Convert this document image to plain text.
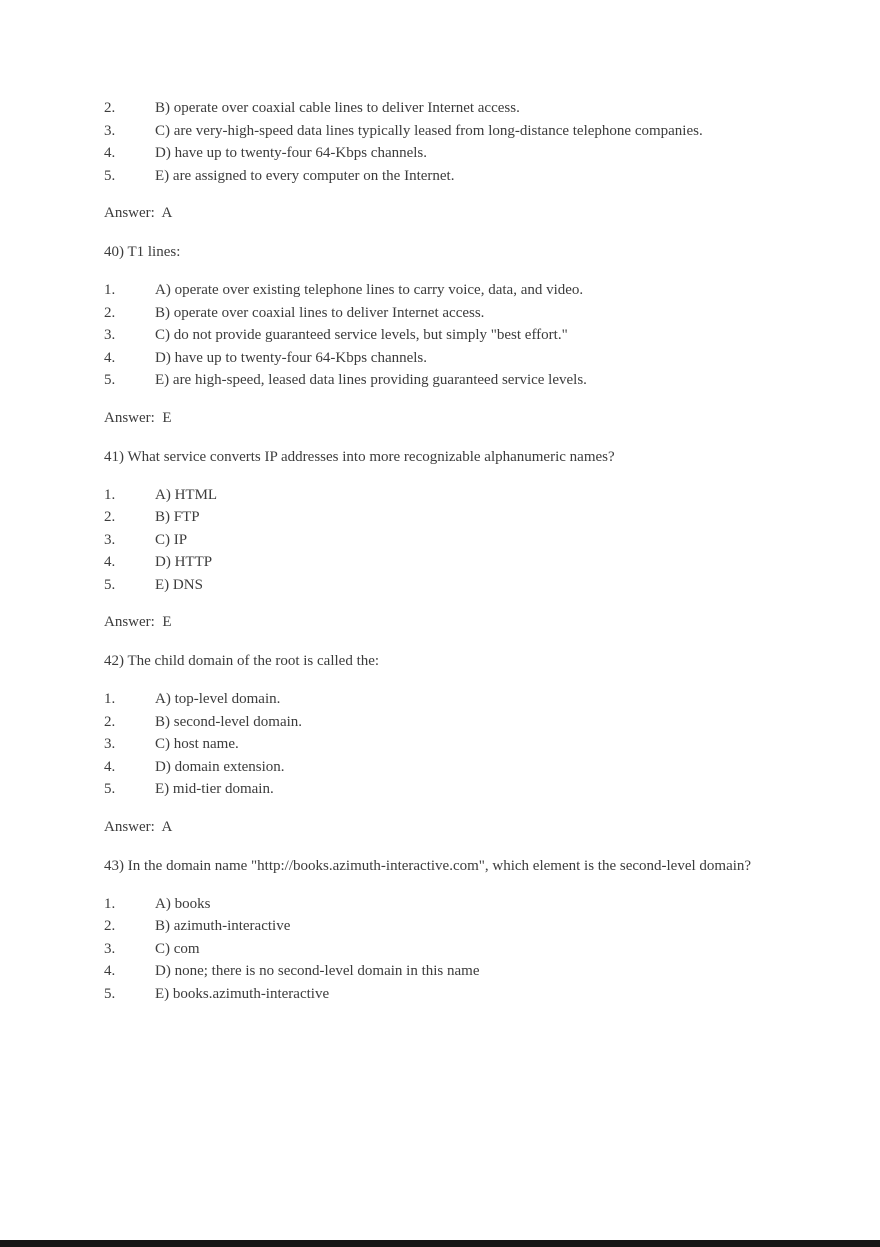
2.	B) operate over coaxial cable lines to deliver Internet access.
3.	C) are very-high-speed data lines typically leased from long-distance telephone companies.
4.	D) have up to twenty-four 64-Kbps channels.
5.	E) are assigned to every computer on the Internet.

Answer:  A

40) T1 lines:

1.	A) operate over existing telephone lines to carry voice, data, and video.
2.	B) operate over coaxial lines to deliver Internet access.
3.	C) do not provide guaranteed service levels, but simply "best effort."
4.	D) have up to twenty-four 64-Kbps channels.
5.	E) are high-speed, leased data lines providing guaranteed service levels.

Answer:  E

41) What service converts IP addresses into more recognizable alphanumeric names?

1.	A) HTML
2.	B) FTP
3.	C) IP
4.	D) HTTP
5.	E) DNS

Answer:  E

42) The child domain of the root is called the:

1.	A) top-level domain.
2.	B) second-level domain.
3.	C) host name.
4.	D) domain extension.
5.	E) mid-tier domain.

Answer:  A

43) In the domain name "http://books.azimuth-interactive.com", which element is the second-level domain?

1.	A) books
2.	B) azimuth-interactive
3.	C) com
4.	D) none; there is no second-level domain in this name
5.	E) books.azimuth-interactive
